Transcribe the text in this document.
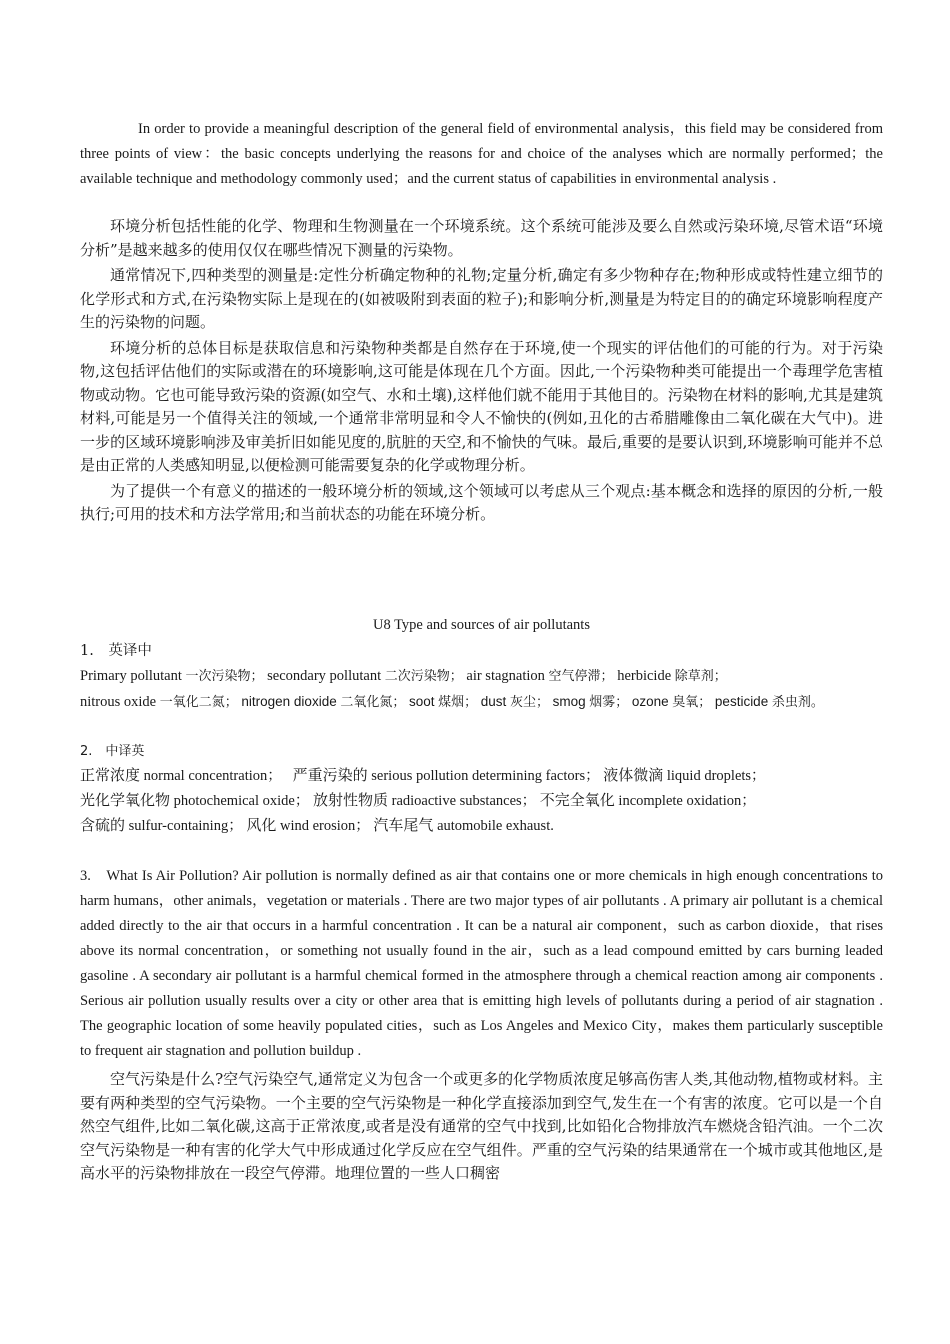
In order to provide a meaningful description of the general field of environmental analysis，this field may be considered from three points of view：the basic concepts underlying the reasons for and choice of the analyses which are normally performed；the available technique and methodology commonly used；and the current status of capabilities in environmental analysis .

环境分析包括性能的化学、物理和生物测量在一个环境系统。这个系统可能涉及要么自然或污染环境,尽管术语“环境分析”是越来越多的使用仅仅在哪些情况下测量的污染物。

通常情况下,四种类型的测量是:定性分析确定物种的礼物;定量分析,确定有多少物种存在;物种形成或特性建立细节的化学形式和方式,在污染物实际上是现在的(如被吸附到表面的粒子);和影响分析,测量是为特定目的的确定环境影响程度产生的污染物的问题。

环境分析的总体目标是获取信息和污染物种类都是自然存在于环境,使一个现实的评估他们的可能的行为。对于污染物,这包括评估他们的实际或潜在的环境影响,这可能是体现在几个方面。因此,一个污染物种类可能提出一个毒理学危害植物或动物。它也可能导致污染的资源(如空气、水和土壤),这样他们就不能用于其他目的。污染物在材料的影响,尤其是建筑材料,可能是另一个值得关注的领域,一个通常非常明显和令人不愉快的(例如,丑化的古希腊雕像由二氧化碳在大气中)。进一步的区域环境影响涉及审美折旧如能见度的,肮脏的天空,和不愉快的气味。最后,重要的是要认识到,环境影响可能并不总是由正常的人类感知明显,以便检测可能需要复杂的化学或物理分析。

为了提供一个有意义的描述的一般环境分析的领域,这个领域可以考虑从三个观点:基本概念和选择的原因的分析,一般执行;可用的技术和方法学常用;和当前状态的功能在环境分析。

U8 Type and sources of air pollutants

1.　英译中

Primary pollutant 一次污染物； secondary pollutant 二次污染物； air stagnation 空气停滞； herbicide 除草剂；
nitrous oxide 一氧化二氮； nitrogen dioxide 二氧化氮； soot 煤烟； dust 灰尘； smog 烟雾； ozone 臭氧； pesticide 杀虫剂。

2.　中译英

正常浓度 normal concentration； 严重污染的 serious pollution determining factors； 液体微滴 liquid droplets；
光化学氧化物 photochemical oxide； 放射性物质 radioactive substances； 不完全氧化 incomplete oxidation；
含硫的 sulfur-containing； 风化 wind erosion； 汽车尾气 automobile exhaust.

3.　What Is Air Pollution? Air pollution is normally defined as air that contains one or more chemicals in high enough concentrations to harm humans，other animals，vegetation or materials . There are two major types of air pollutants . A primary air pollutant is a chemical added directly to the air that occurs in a harmful concentration . It can be a natural air component，such as carbon dioxide，that rises above its normal concentration，or something not usually found in the air，such as a lead compound emitted by cars burning leaded gasoline . A secondary air pollutant is a harmful chemical formed in the atmosphere through a chemical reaction among air components . Serious air pollution usually results over a city or other area that is emitting high levels of pollutants during a period of air stagnation . The geographic location of some heavily populated cities，such as Los Angeles and Mexico City，makes them particularly susceptible to frequent air stagnation and pollution buildup .

空气污染是什么?空气污染空气,通常定义为包含一个或更多的化学物质浓度足够高伤害人类,其他动物,植物或材料。主要有两种类型的空气污染物。一个主要的空气污染物是一种化学直接添加到空气,发生在一个有害的浓度。它可以是一个自然空气组件,比如二氧化碳,这高于正常浓度,或者是没有通常的空气中找到,比如铅化合物排放汽车燃烧含铅汽油。一个二次空气污染物是一种有害的化学大气中形成通过化学反应在空气组件。严重的空气污染的结果通常在一个城市或其他地区,是高水平的污染物排放在一段空气停滞。地理位置的一些人口稠密
